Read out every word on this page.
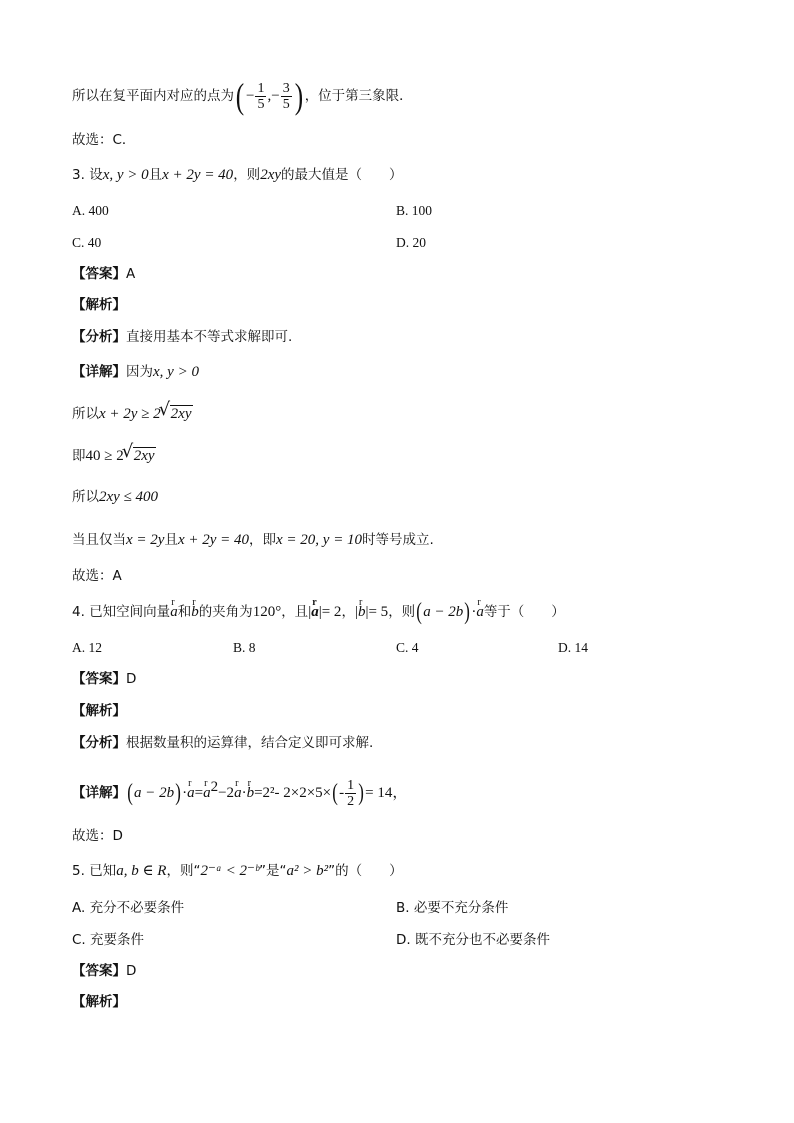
所以在复平面内对应的点为( − $\frac{1}{5}$ ,− $\frac{3}{5}$ ) ，位于第三象限．
故选：C．
3. 设x, y > 0且x + 2y = 40，则2xy的最大值是（　　）
A. 400	B. 100
C. 40	D. 20
【答案】A
【解析】
【分析】直接用基本不等式求解即可.
【详解】因为x, y > 0
所以x + 2y ≥ 2 √ 2xy
即40 ≥ 2 √ 2xy
所以2xy ≤ 400
当且仅当x = 2y且x + 2y = 40，即x = 20, y = 10时等号成立.
故选：A
4. 已知空间向量r a和r b的夹角为120°，且|r a|= 2，|r b|= 5，则(a − 2b)·r a等于（　　）
A. 12	B. 8	C. 4	D. 14
【答案】D
【解析】
【分析】根据数量积的运算律，结合定义即可求解.
【详解】(a − 2b)·r a=r $a^2-2r$ a·r b=2²- $2\times 2\times 5\times(- \frac{1}{2}$ )= 14，
故选：D
5. 已知a, b ∈ R，则“2⁻ᵃ < 2⁻ᵇ”是“a² > b²”的（　　）
A. 充分不必要条件	B. 必要不充分条件
C. 充要条件	D. 既不充分也不必要条件
【答案】D
【解析】
